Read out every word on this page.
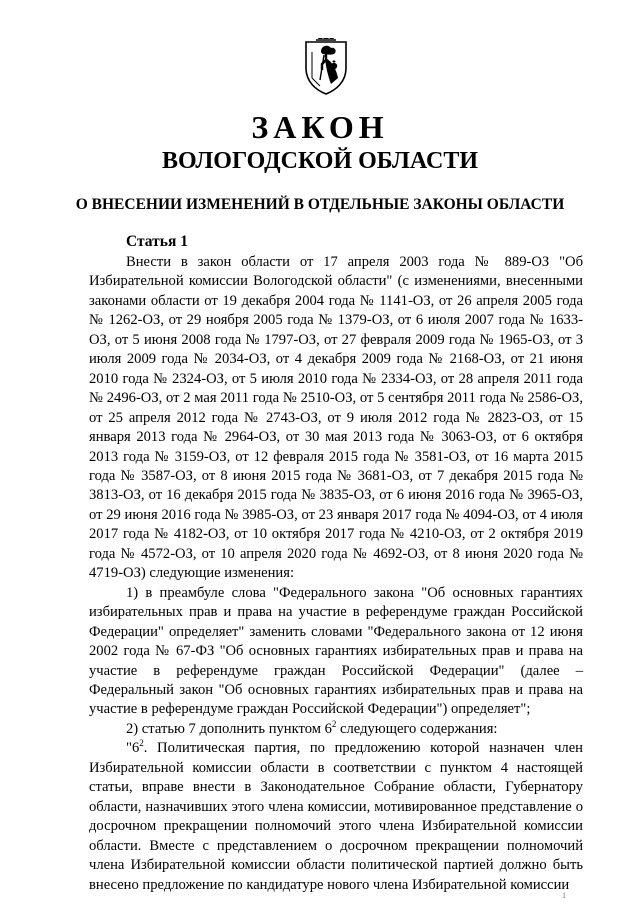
ЗАКОН
ВОЛОГОДСКОЙ ОБЛАСТИ
О ВНЕСЕНИИ ИЗМЕНЕНИЙ В ОТДЕЛЬНЫЕ ЗАКОНЫ ОБЛАСТИ
Статья 1

Внести в закон области от 17 апреля 2003 года № 889-ОЗ "Об Избирательной комиссии Вологодской области" (с изменениями, внесенными законами области от 19 декабря 2004 года № 1141-ОЗ, от 26 апреля 2005 года № 1262-ОЗ, от 29 ноября 2005 года № 1379-ОЗ, от 6 июля 2007 года № 1633-ОЗ, от 5 июня 2008 года № 1797-ОЗ, от 27 февраля 2009 года № 1965-ОЗ, от 3 июля 2009 года № 2034-ОЗ, от 4 декабря 2009 года № 2168-ОЗ, от 21 июня 2010 года № 2324-ОЗ, от 5 июля 2010 года № 2334-ОЗ, от 28 апреля 2011 года № 2496-ОЗ, от 2 мая 2011 года № 2510-ОЗ, от 5 сентября 2011 года № 2586-ОЗ, от 25 апреля 2012 года № 2743-ОЗ, от 9 июля 2012 года № 2823-ОЗ, от 15 января 2013 года № 2964-ОЗ, от 30 мая 2013 года № 3063-ОЗ, от 6 октября 2013 года № 3159-ОЗ, от 12 февраля 2015 года № 3581-ОЗ, от 16 марта 2015 года № 3587-ОЗ, от 8 июня 2015 года № 3681-ОЗ, от 7 декабря 2015 года № 3813-ОЗ, от 16 декабря 2015 года № 3835-ОЗ, от 6 июня 2016 года № 3965-ОЗ, от 29 июня 2016 года № 3985-ОЗ, от 23 января 2017 года № 4094-ОЗ, от 4 июля 2017 года № 4182-ОЗ, от 10 октября 2017 года № 4210-ОЗ, от 2 октября 2019 года № 4572-ОЗ, от 10 апреля 2020 года № 4692-ОЗ, от 8 июня 2020 года № 4719-ОЗ) следующие изменения:

1) в преамбуле слова "Федерального закона "Об основных гарантиях избирательных прав и права на участие в референдуме граждан Российской Федерации" определяет" заменить словами "Федерального закона от 12 июня 2002 года № 67-ФЗ "Об основных гарантиях избирательных прав и права на участие в референдуме граждан Российской Федерации" (далее – Федеральный закон "Об основных гарантиях избирательных прав и права на участие в референдуме граждан Российской Федерации") определяет";

2) статью 7 дополнить пунктом $6^2$ следующего содержания:

"$6^2$. Политическая партия, по предложению которой назначен член Избирательной комиссии области в соответствии с пунктом 4 настоящей статьи, вправе внести в Законодательное Собрание области, Губернатору области, назначивших этого члена комиссии, мотивированное представление о досрочном прекращении полномочий этого члена Избирательной комиссии области. Вместе с представлением о досрочном прекращении полномочий члена Избирательной комиссии области политической партией должно быть внесено предложение по кандидатуре нового члена Избирательной комиссии

1
